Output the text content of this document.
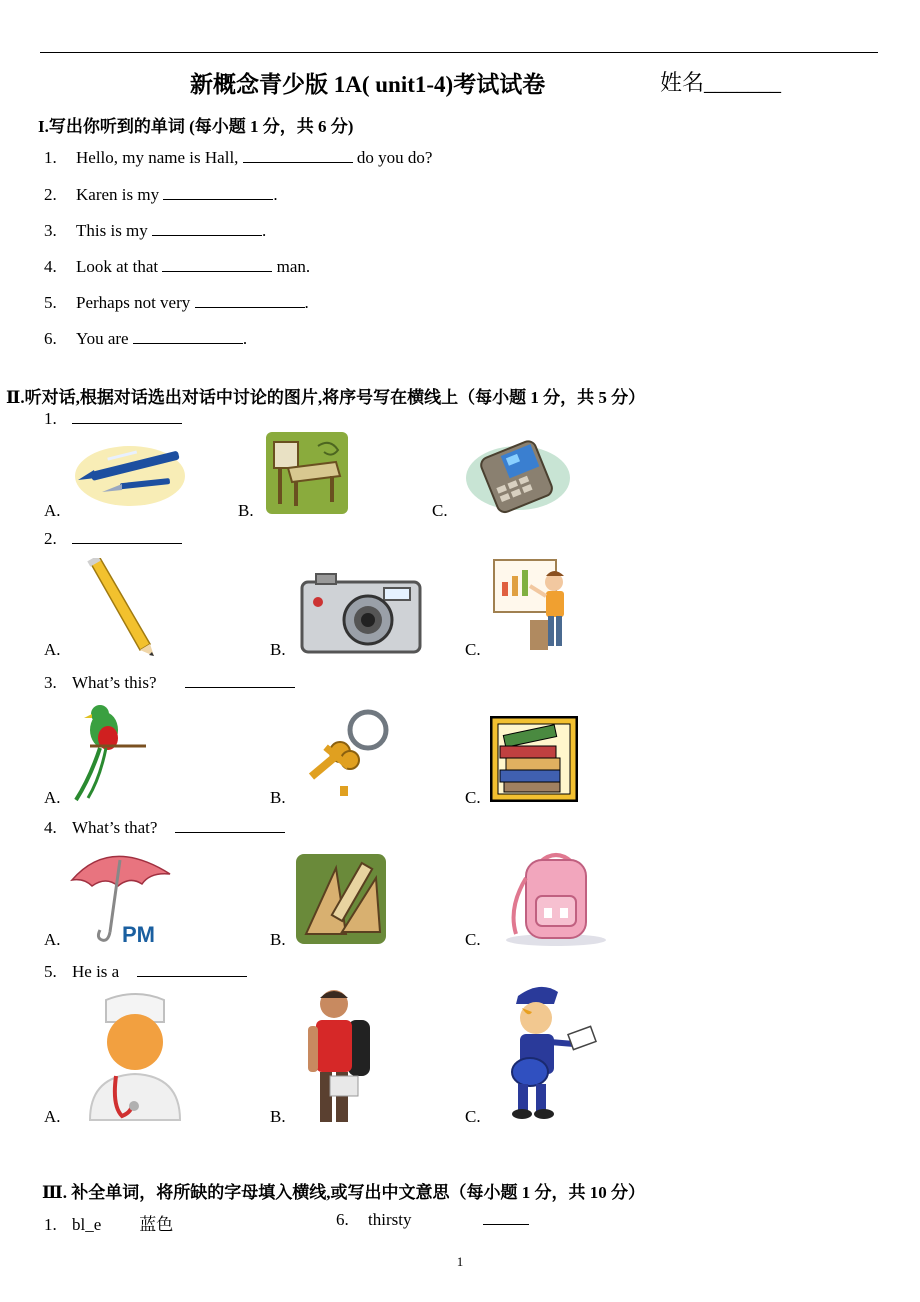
新概念青少版 1A( unit1-4)考试试卷	姓名_______
I.写出你听到的单词 (每小题 1 分，共 6 分)
1. Hello, my name is Hall,	do you do?
2. Karen is my	.
3. This is my	.
4. Look at that	man.
5. Perhaps not very	.
6. You are	.
Ⅱ.听对话,根据对话选出对话中讨论的图片,将序号写在横线上（每小题 1 分，共 5 分）
1.
A.	B.	C.
2.
A.	B.	C.
3. What’s this?
A.	B.	C.
4. What’s that?
PM
A.	B.	C.
5. He is a
A.	B.	C.
Ⅲ. 补全单词，将所缺的字母填入横线,或写出中文意思（每小题 1 分，共 10 分）
1. bl_e 蓝色	6. thirsty
1
